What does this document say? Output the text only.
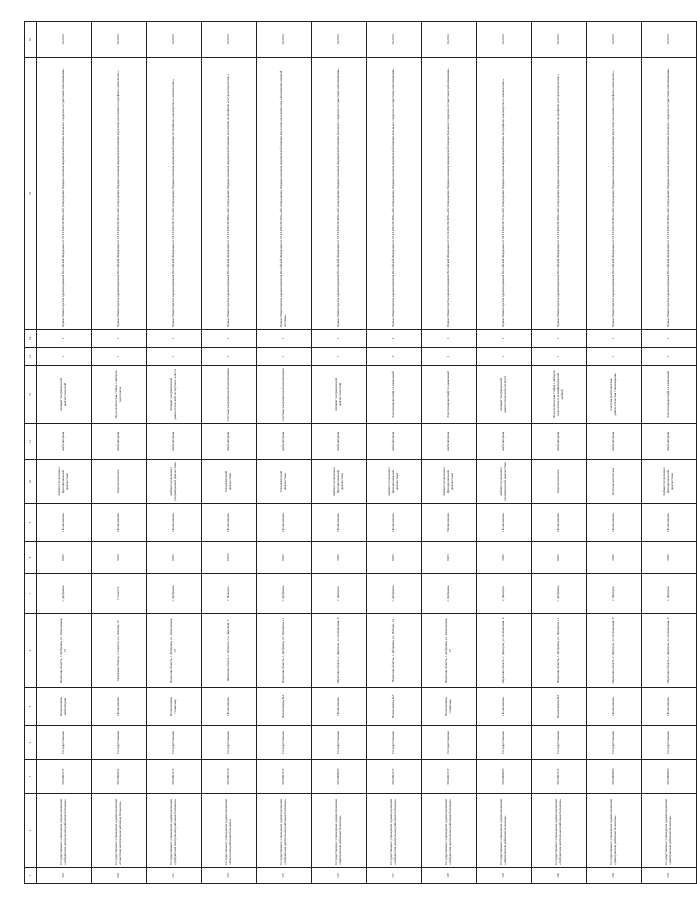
1	2	3	4	5	6	7	8	9	10	11	12	13	14	15	16
101	Государственное учреждение здравоохранения «Добрянская центральная районная больница»	6914001317	Государственная	Поликлиника, амбулатория	Пермская область, г. Добрянка, ул. Разведчиков, 27	г. Добрянка	8205	Поликлиника	Кабинет (отделение) функциональной диагностики	Амбулаторная	Аппарат ультразвуковой диагностический	1	1	Приказ Министерства здравоохранения Российской Федерации от 15.11.2012 № 918н «Об утверждении Порядка оказания медицинской помощи больным с сердечно-сосудистыми заболеваниями»	10.2014
102	Государственное учреждение здравоохранения «Советская центральная районная больница»	6914000231	Государственная	Поликлиника	Пермская область, г. Советск, ул. Ленина, 15	г. Советск	5233	Поликлиника	Эндоскопическое	Амбулаторная	Эндоскопическая стойка с набором эндоскопов	1	1	Приказ Министерства здравоохранения Российской Федерации от 15.11.2012 № 915н «Об утверждении Порядка оказания медицинской помощи взрослому населению по профилю «онкология»»	10.2014
112	Государственное учреждение здравоохранения «Добрянская центральная районная больница»	6914001317	Государственная	Поликлиника, стационар	Пермская область, г. Добрянка, ул. Разведчиков, 27	г. Добрянка	8205	Поликлиника	Кабинет (отделение) ультразвуковой диагностики	Амбулаторная	Аппарат ультразвуковой диагностический экспертного класса	1	1	Приказ Министерства здравоохранения Российской Федерации от 01.11.2012 № 572н «Об утверждении Порядка оказания медицинской помощи по профилю «акушерство и гинекология»»	10.2014
114	Государственное учреждение здравоохранения «Ильинская районная больница»	6914001210	Государственная	Поликлиника	Пермская область, г. Ильинск, ул. Заречная, 5	г. Ильинск	10233	Поликлиника	Ультразвуковой диагностики	Амбулаторная	Система ультразвуковой визуализации	1	1	Приказ Министерства здравоохранения Российской Федерации от 12.11.2012 № 906н «Об утверждении Порядка оказания медицинской помощи населению по профилю «гастроэнтерология»»	10.2014
115	Государственное учреждение здравоохранения «Добрянская центральная районная больница»	6914001317	Государственная	Поликлиника №2	Пермская область, г. Добрянка, ул. Пушкина, 11	г. Добрянка	8205	Поликлиника	Ультразвуковой диагностики	Амбулаторная	Система ультразвуковой визуализации	1	1	Приказ Министерства здравоохранения Российской Федерации от 15.11.2012 № 926н «Об утверждении Порядка оказания медицинской помощи взрослому населению при заболеваниях нервной системы»	10.2014
116	Государственное учреждение здравоохранения «Дмитровская районная больница»	6914000085	Государственная	Поликлиника	Пермская область, г. Дмитров, ул. Больничная, 8	г. Дмитров	5036	Поликлиника	Кабинет (отделение) функциональной диагностики	Амбулаторная	Аппарат ультразвуковой диагностический	1	1	Приказ Министерства здравоохранения Российской Федерации от 15.11.2012 № 918н «Об утверждении Порядка оказания медицинской помощи больным с сердечно-сосудистыми заболеваниями»	10.2014
117	Государственное учреждение здравоохранения «Добрянская центральная районная больница»	6914001317	Государственная	Поликлиника №3	Пермская область, г. Добрянка, ул. Победы, 12	г. Добрянка	8205	Поликлиника	Кабинет (отделение) функциональной диагностики	Амбулаторная	Электрокардиограф 12-канальный	2	2	Приказ Министерства здравоохранения Российской Федерации от 15.11.2012 № 918н «Об утверждении Порядка оказания медицинской помощи больным с сердечно-сосудистыми заболеваниями»	10.2014
118	Государственное учреждение здравоохранения «Добрянская центральная районная больница»	6914001317	Государственная	Поликлиника, стационар	Пермская область, г. Добрянка, ул. Разведчиков, 27	г. Добрянка	8205	Поликлиника	Кабинет (отделение) функциональной диагностики	Амбулаторная	Электрокардиограф 12-канальный	1	1	Приказ Министерства здравоохранения Российской Федерации от 15.11.2012 № 918н «Об утверждении Порядка оказания медицинской помощи больным с сердечно-сосудистыми заболеваниями»	10.2014
119	Государственное учреждение здравоохранения «Дмитровская районная больница»	6914000085	Государственная	Поликлиника	Пермская область, г. Дмитров, ул. Больничная, 8	г. Дмитров	5036	Поликлиника	Кабинет (отделение) ультразвуковой диагностики	Амбулаторная	Аппарат ультразвуковой диагностический (эксперт)	1	1	Приказ Министерства здравоохранения Российской Федерации от 01.11.2012 № 572н «Об утверждении Порядка оказания медицинской помощи по профилю «акушерство и гинекология»»	10.2014
120	Государственное учреждение здравоохранения «Добрянская центральная районная больница»	6914001317	Государственная	Поликлиника №2	Пермская область, г. Добрянка, ул. Пушкина, 11	г. Добрянка	8205	Поликлиника	Эндоскопическое	Амбулаторная	Эндоскопическая стойка с набором эндоскопов и дезинфекционной мойкой	1	1	Приказ Министерства здравоохранения Российской Федерации от 12.11.2012 № 906н «Об утверждении Порядка оказания медицинской помощи населению по профилю «гастроэнтерология»»	10.2014
130	Государственное учреждение здравоохранения «Дмитровская районная больница»	6914000085	Государственная	Поликлиника	Пермская область, г. Дмитров, ул. Больничная, 8	г. Дмитров	5036	Поликлиника	Рентгенологическое	Амбулаторная	Система рентгеновская диагностическая стационарная	1	1	Приказ Министерства здравоохранения Российской Федерации от 15.11.2012 № 915н «Об утверждении Порядка оказания медицинской помощи взрослому населению по профилю «онкология»»	10.2014
133	Государственное учреждение здравоохранения «Дмитровская районная больница»	6914000085	Государственная	Поликлиника	Пермская область, г. Дмитров, ул. Больничная, 8	г. Дмитров	5036	Поликлиника	Кабинет (отделение) функциональной диагностики	Амбулаторная	Электрокардиограф 12-канальный	1	1	Приказ Министерства здравоохранения Российской Федерации от 15.11.2012 № 918н «Об утверждении Порядка оказания медицинской помощи больным с сердечно-сосудистыми заболеваниями»	10.2014
